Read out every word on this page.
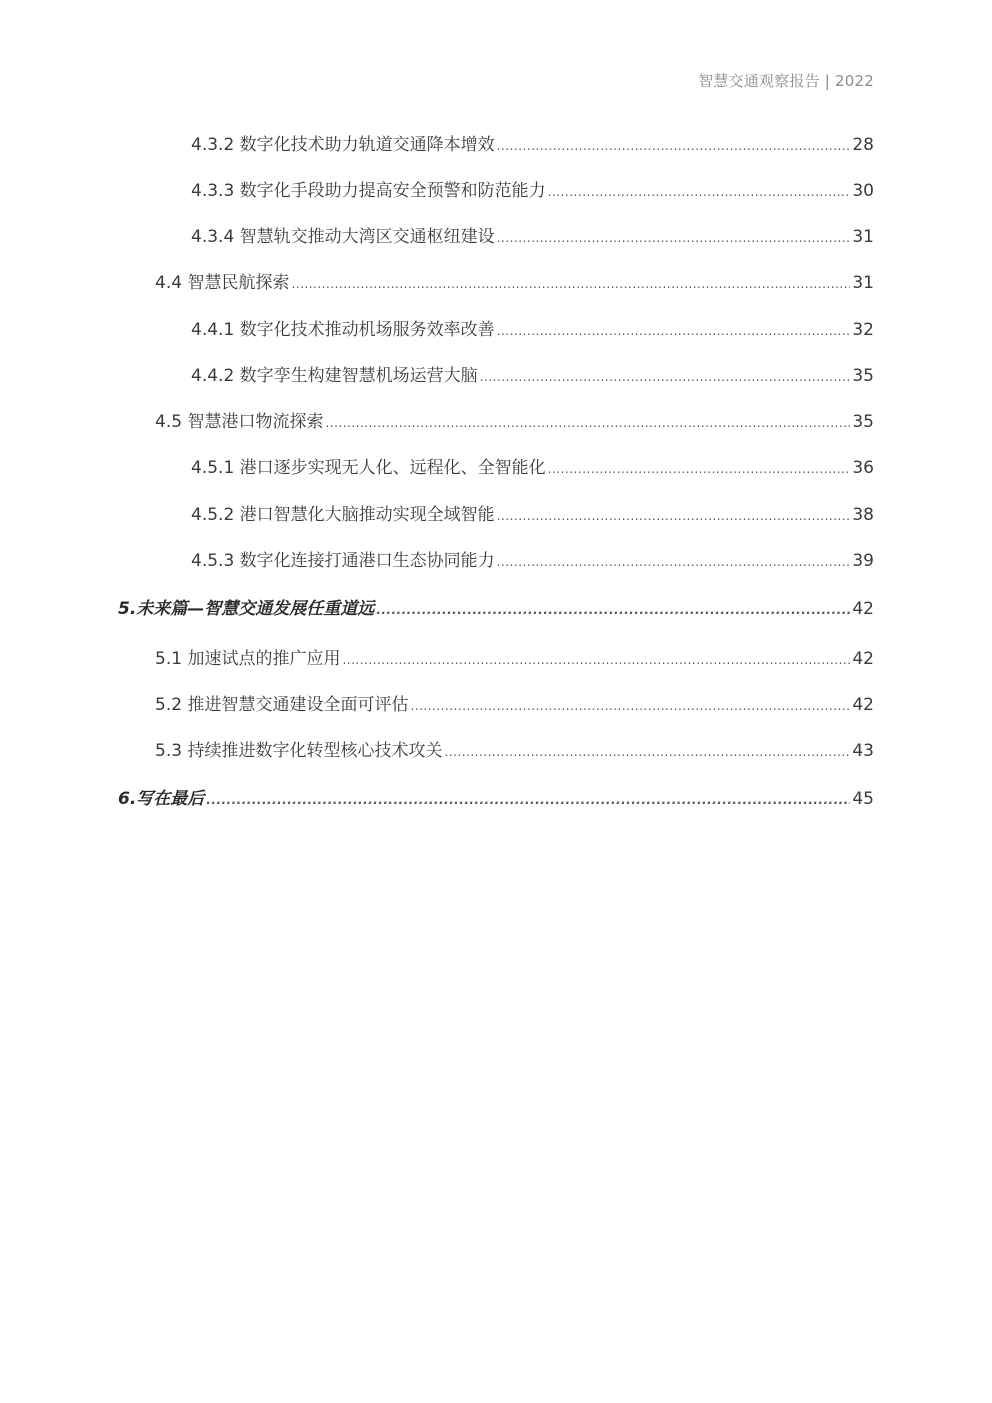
智慧交通观察报告 | 2022
4.3.2 数字化技术助力轨道交通降本增效 .....	28
4.3.3 数字化手段助力提高安全预警和防范能力 .....	30
4.3.4 智慧轨交推动大湾区交通枢纽建设 .....	31
4.4 智慧民航探索 .....	31
4.4.1 数字化技术推动机场服务效率改善 .....	32
4.4.2 数字孪生构建智慧机场运营大脑 .....	35
4.5 智慧港口物流探索 .....	35
4.5.1 港口逐步实现无人化、远程化、全智能化 .....	36
4.5.2 港口智慧化大脑推动实现全域智能 .....	38
4.5.3 数字化连接打通港口生态协同能力 .....	39
5.未来篇—智慧交通发展任重道远 .....	42
5.1 加速试点的推广应用 .....	42
5.2 推进智慧交通建设全面可评估 .....	42
5.3 持续推进数字化转型核心技术攻关 .....	43
6.写在最后 .....	45
